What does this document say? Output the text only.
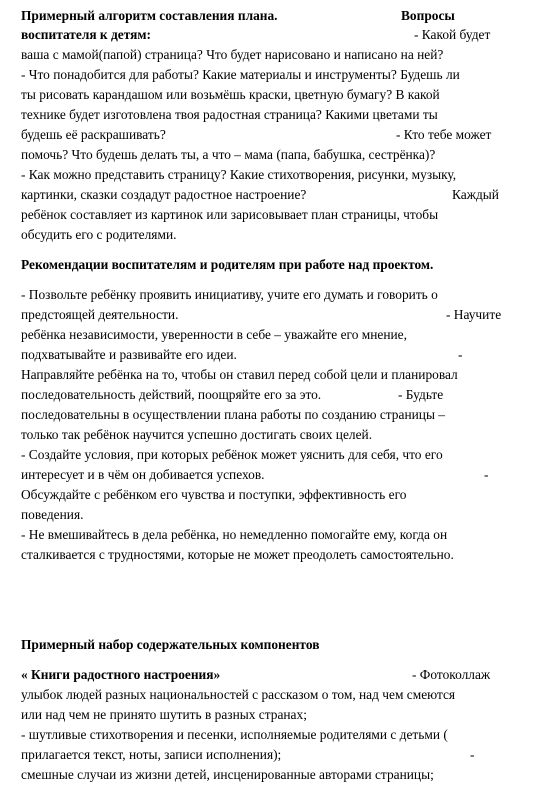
Примерный алгоритм составления плана.	Вопросы
воспитателя к детям:	- Какой будет
ваша с мамой(папой) страница? Что будет нарисовано и написано на ней?
- Что понадобится для работы? Какие материалы и инструменты? Будешь ли
ты рисовать карандашом или возьмёшь краски, цветную бумагу? В какой
технике будет изготовлена твоя радостная страница? Какими цветами ты
будешь её раскрашивать?	- Кто тебе может
помочь? Что будешь делать ты, а что – мама (папа, бабушка, сестрёнка)?
- Как можно представить страницу? Какие стихотворения, рисунки, музыку,
картинки, сказки создадут радостное настроение?	Каждый
ребёнок составляет из картинок или зарисовывает план страницы, чтобы
обсудить его с родителями.
Рекомендации воспитателям и родителям при работе над проектом.
- Позвольте ребёнку проявить инициативу, учите его думать и говорить о
предстоящей деятельности.	- Научите
ребёнка независимости, уверенности в себе – уважайте его мнение,
подхватывайте и развивайте его идеи.	-
Направляйте ребёнка на то, чтобы он ставил перед собой цели и планировал
последовательность действий, поощряйте его за это.	- Будьте
последовательны в осуществлении плана работы по созданию страницы –
только так ребёнок научится успешно достигать своих целей.
- Создайте условия, при которых ребёнок может уяснить для себя, что его
интересует и в чём он добивается успехов.	-
Обсуждайте с ребёнком его чувства и поступки, эффективность его
поведения.
- Не вмешивайтесь в дела ребёнка, но немедленно помогайте ему, когда он
сталкивается с трудностями, которые не может преодолеть самостоятельно.
Примерный набор содержательных компонентов
« Книги радостного настроения»	- Фотоколлаж
улыбок людей разных национальностей с рассказом о том, над чем смеются
или над чем не принято шутить в разных странах;
- шутливые стихотворения и песенки, исполняемые родителями с детьми (
прилагается текст, ноты, записи исполнения);	-
смешные случаи из жизни детей, инсценированные авторами страницы;
